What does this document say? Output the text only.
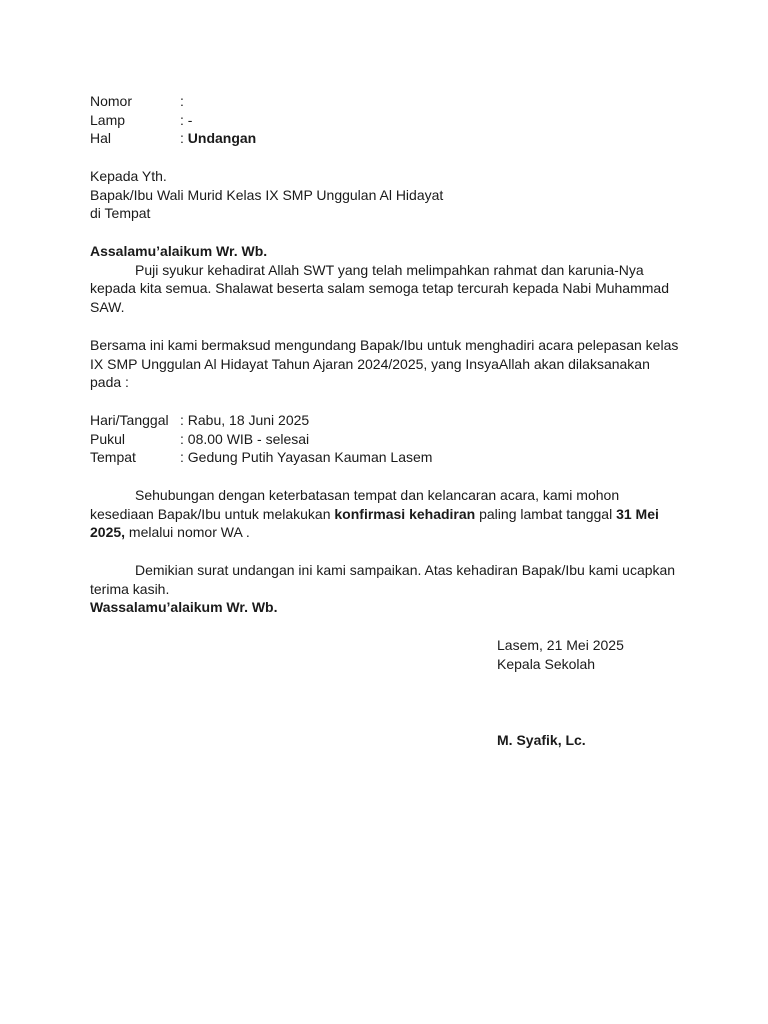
Nomor	:
Lamp	: -
Hal	: Undangan
Kepada Yth.
Bapak/Ibu Wali Murid Kelas IX SMP Unggulan Al Hidayat
di Tempat
Assalamu’alaikum Wr. Wb.
Puji syukur kehadirat Allah SWT yang telah melimpahkan rahmat dan karunia-Nya kepada kita semua. Shalawat beserta salam semoga tetap tercurah kepada Nabi Muhammad SAW.
Bersama ini kami bermaksud mengundang Bapak/Ibu untuk menghadiri acara pelepasan kelas IX SMP Unggulan Al Hidayat Tahun Ajaran 2024/2025, yang InsyaAllah akan dilaksanakan pada :
Hari/Tanggal : Rabu, 18 Juni 2025
Pukul	: 08.00 WIB - selesai
Tempat	: Gedung Putih Yayasan Kauman Lasem
Sehubungan dengan keterbatasan tempat dan kelancaran acara, kami mohon kesediaan Bapak/Ibu untuk melakukan konfirmasi kehadiran paling lambat tanggal 31 Mei 2025, melalui nomor WA .
Demikian surat undangan ini kami sampaikan. Atas kehadiran Bapak/Ibu kami ucapkan terima kasih.
Wassalamu’alaikum Wr. Wb.
Lasem, 21 Mei 2025
Kepala Sekolah
M. Syafik, Lc.
